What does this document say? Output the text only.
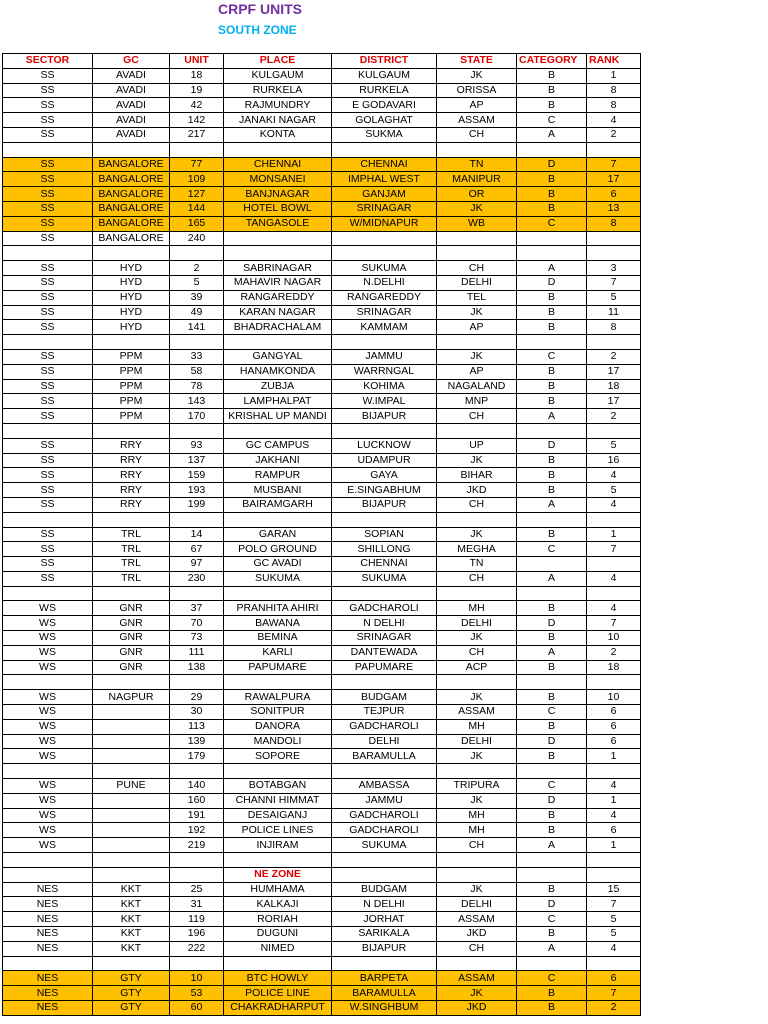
CRPF UNITS
SOUTH ZONE
SECTOR	GC	UNIT	PLACE	DISTRICT	STATE	CATEGORY	RANK
SS	AVADI	18	KULGAUM	KULGAUM	JK	B	1
SS	AVADI	19	RURKELA	RURKELA	ORISSA	B	8
SS	AVADI	42	RAJMUNDRY	E GODAVARI	AP	B	8
SS	AVADI	142	JANAKI NAGAR	GOLAGHAT	ASSAM	C	4
SS	AVADI	217	KONTA	SUKMA	CH	A	2

SS	BANGALORE	77	CHENNAI	CHENNAI	TN	D	7
SS	BANGALORE	109	MONSANEI	IMPHAL WEST	MANIPUR	B	17
SS	BANGALORE	127	BANJNAGAR	GANJAM	OR	B	6
SS	BANGALORE	144	HOTEL BOWL	SRINAGAR	JK	B	13
SS	BANGALORE	165	TANGASOLE	W/MIDNAPUR	WB	C	8
SS	BANGALORE	240					

SS	HYD	2	SABRINAGAR	SUKUMA	CH	A	3
SS	HYD	5	MAHAVIR NAGAR	N.DELHI	DELHI	D	7
SS	HYD	39	RANGAREDDY	RANGAREDDY	TEL	B	5
SS	HYD	49	KARAN NAGAR	SRINAGAR	JK	B	11
SS	HYD	141	BHADRACHALAM	KAMMAM	AP	B	8

SS	PPM	33	GANGYAL	JAMMU	JK	C	2
SS	PPM	58	HANAMKONDA	WARRNGAL	AP	B	17
SS	PPM	78	ZUBJA	KOHIMA	NAGALAND	B	18
SS	PPM	143	LAMPHALPAT	W.IMPAL	MNP	B	17
SS	PPM	170	KRISHAL UP MANDI	BIJAPUR	CH	A	2

SS	RRY	93	GC CAMPUS	LUCKNOW	UP	D	5
SS	RRY	137	JAKHANI	UDAMPUR	JK	B	16
SS	RRY	159	RAMPUR	GAYA	BIHAR	B	4
SS	RRY	193	MUSBANI	E.SINGABHUM	JKD	B	5
SS	RRY	199	BAIRAMGARH	BIJAPUR	CH	A	4

SS	TRL	14	GARAN	SOPIAN	JK	B	1
SS	TRL	67	POLO GROUND	SHILLONG	MEGHA	C	7
SS	TRL	97	GC AVADI	CHENNAI	TN		
SS	TRL	230	SUKUMA	SUKUMA	CH	A	4

WS	GNR	37	PRANHITA AHIRI	GADCHAROLI	MH	B	4
WS	GNR	70	BAWANA	N DELHI	DELHI	D	7
WS	GNR	73	BEMINA	SRINAGAR	JK	B	10
WS	GNR	111	KARLI	DANTEWADA	CH	A	2
WS	GNR	138	PAPUMARE	PAPUMARE	ACP	B	18

WS	NAGPUR	29	RAWALPURA	BUDGAM	JK	B	10
WS		30	SONITPUR	TEJPUR	ASSAM	C	6
WS		113	DANORA	GADCHAROLI	MH	B	6
WS		139	MANDOLI	DELHI	DELHI	D	6
WS		179	SOPORE	BARAMULLA	JK	B	1

WS	PUNE	140	BOTABGAN	AMBASSA	TRIPURA	C	4
WS		160	CHANNI HIMMAT	JAMMU	JK	D	1
WS		191	DESAIGANJ	GADCHAROLI	MH	B	4
WS		192	POLICE LINES	GADCHAROLI	MH	B	6
WS		219	INJIRAM	SUKUMA	CH	A	1

			NE ZONE				
NES	KKT	25	HUMHAMA	BUDGAM	JK	B	15
NES	KKT	31	KALKAJI	N DELHI	DELHI	D	7
NES	KKT	119	RORIAH	JORHAT	ASSAM	C	5
NES	KKT	196	DUGUNI	SARIKALA	JKD	B	5
NES	KKT	222	NIMED	BIJAPUR	CH	A	4

NES	GTY	10	BTC HOWLY	BARPETA	ASSAM	C	6
NES	GTY	53	POLICE LINE	BARAMULLA	JK	B	7
NES	GTY	60	CHAKRADHARPUT	W.SINGHBUM	JKD	B	2
